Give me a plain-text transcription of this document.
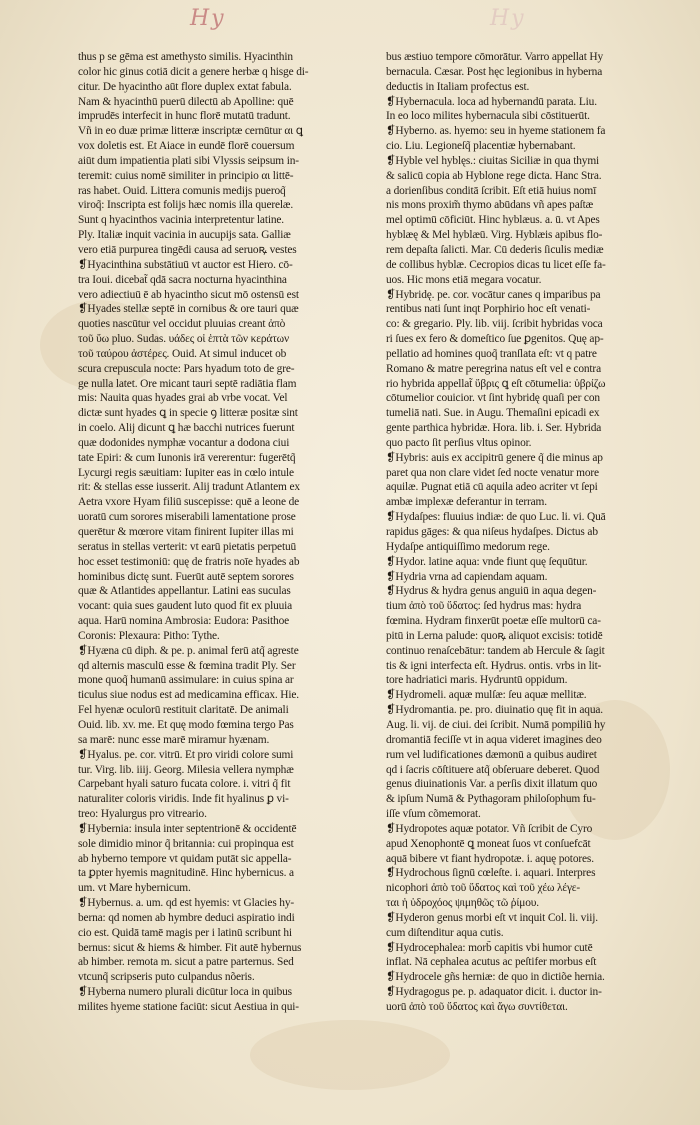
Hy	Hy
thus p se gēma est amethysto similis. Hyacinthin
color hic ginus cotiā dicit a genere herbæ q hisge di-
citur. De hyacintho aūt flore duplex extat fabula.
Nam & hyacinthū puerū dilectū ab Apolline: quē
imprudēs interfecit in hunc florē mutatū tradunt.
Vñ in eo duæ primæ litteræ inscriptæ cernūtur αι ꝗ
vox doletis est. Et Aiace in eundē florē couersum
aiūt dum impatientia plati sibi Vlyssis seipsum in-
teremit: cuius nomē similiter in principio αι littē-
ras habet. Ouid. Littera comunis medijs pueroq̃
viroq̃: Inscripta est folijs hæc nomis illa querelæ.
Sunt q hyacinthos vacinia interpretentur latine.
Ply. Italiæ inquit vacinia in aucupijs sata. Galliæ
vero etiā purpurea tingēdi causa ad seruoꝶ vestes
❡Hyacinthina substātiuū vt auctor est Hiero. cō-
tra Ioui. dicebat̃ qdā sacra nocturna hyacinthina
vero adiectiuū ē ab hyacintho sicut mō ostensū est
❡Hyades stellæ septē in cornibus & ore tauri quæ
quoties nascūtur vel occidut pluuias creant ἀπὸ
τοῦ ὕω pluo. Sudas. υάδες οἱ ἑπτὰ τῶν κεράτων
τοῦ ταύρου ἀστέρες. Ouid. At simul inducet ob
scura crepuscula nocte: Pars hyadum toto de gre-
ge nulla latet. Ore micant tauri septē radiātia flam
mis: Nauita quas hyades grai ab vrbe vocat. Vel
dictæ sunt hyades ꝗ in specie ꝯ litteræ positæ sint
in coelo. Alij dicunt ꝗ hæ bacchi nutrices fuerunt
quæ dodonides nymphæ vocantur a dodona ciui
tate Epiri: & cum Iunonis irā vererentur: fugerētq̃
Lycurgi regis sæuitiam: Iupiter eas in cœlo intule
rit: & stellas esse iusserit. Alij tradunt Atlantem ex
Aetra vxore Hyam filiū suscepisse: quē a leone de
uoratū cum sorores miserabili lamentatione prose
querētur & mœrore vitam finirent Iupiter illas mi
seratus in stellas verterit: vt earū pietatis perpetuū
hoc esset testimoniū: quę de fratris noīe hyades ab
hominibus dictę sunt. Fuerūt autē septem sorores
quæ & Atlantides appellantur. Latini eas suculas
vocant: quia sues gaudent luto quod fit ex pluuia
aqua. Harū nomina Ambrosia: Eudora: Pasithoe
Coronis: Plexaura: Pitho: Tythe.
❡Hyæna cū diph. & pe. p. animal ferū atq̃ agreste
qd alternis masculū esse & fœmina tradit Ply. Ser
mone quoq̃ humanū assimulare: in cuius spina ar
ticulus siue nodus est ad medicamina efficax. Hie.
Fel hyenæ oculorū restituit claritatē. De animali
Ouid. lib. xv. me. Et quę modo fœmina tergo Pas
sa marē: nunc esse marē miramur hyænam.
❡Hyalus. pe. cor. vitrū. Et pro viridi colore sumi
tur. Virg. lib. iiij. Georg. Milesia vellera nymphæ
Carpebant hyali saturo fucata colore. i. vitri q̃ fit
naturaliter coloris viridis. Inde fit hyalinus ꝑ vi-
treo: Hyalurgus pro vitreario.
❡Hybernia: insula inter septentrionē & occidentē
sole dimidio minor q̃ britannia: cui propinqua est
ab hyberno tempore vt quidam putāt sic appella-
ta ꝑpter hyemis magnitudinē. Hinc hybernicus. a
um. vt Mare hybernicum.
❡Hybernus. a. um. qd est hyemis: vt Glacies hy-
berna: qd nomen ab hymbre deduci aspiratio indi
cio est. Quidā tamē magis per i latinū scribunt hi
bernus: sicut & hiems & himber. Fit autē hybernus
ab himber. remota m. sicut a patre parternus. Sed
vtcunq̃ scripseris puto culpandus nõeris.
❡Hyberna numero plurali dicūtur loca in quibus
milites hyeme statione faciūt: sicut Aestiua in qui-
bus æstiuo tempore cōmorātur. Varro appellat Hy
bernacula. Cæsar. Post hęc legionibus in hyberna
deductis in Italiam profectus est.
❡Hybernacula. loca ad hybernandū parata. Liu.
In eo loco milites hybernacula sibi cōstituerūt.
❡Hyberno. as. hyemo: seu in hyeme stationem fa
cio. Liu. Legioneſq̃ placentiæ hybernabant.
❡Hyble vel hyblęs.: ciuitas Siciliæ in qua thymi
& salicū copia ab Hyblone rege dicta. Hanc Stra.
a dorienſibus conditā ſcribit. Eſt etiā huius nomī
nis mons proxim̃ thymo abūdans vñ apes paſtæ
mel optimū cōficiūt. Hinc hyblæus. a. ū. vt Apes
hyblæę & Mel hyblæū. Virg. Hyblæis apibus flo-
rem depaſta ſalicti. Mar. Cū dederis ſiculis mediæ
de collibus hyblæ. Cecropios dicas tu licet eſſe fa-
uos. Hic mons etiā megara vocatur.
❡Hybridę. pe. cor. vocātur canes q imparibus pa
rentibus nati ſunt inqt Porphirio hoc eſt venati-
co: & gregario. Ply. lib. viij. ſcribit hybridas voca
ri ſues ex fero & domeſtico ſue ꝑgenitos. Quę ap-
pellatio ad homines quoq̃ tranſlata eſt: vt q patre
Romano & matre peregrina natus eſt vel e contra
rio hybrida appellat̃ ὕβρις ꝗ eſt cōtumelia: ὑβρίζω
cōtumelior couicior. vt ſint hybridę quaſi per con
tumeliā nati. Sue. in Augu. Themaſini epicadi ex
gente parthica hybridæ. Hora. lib. i. Ser. Hybrida
quo pacto ſit perſius vltus opinor.
❡Hybris: auis ex accipitrū genere q̃ die minus ap
paret qua non clare videt ſed nocte venatur more
aquilæ. Pugnat etiā cū aquila adeo acriter vt ſepi
ambæ implexæ deferantur in terram.
❡Hydaſpes: fluuius indiæ: de quo Luc. li. vi. Quā
rapidus gāges: & qua niſeus hydaſpes. Dictus ab
Hydaſpe antiquiſſimo medorum rege.
❡Hydor. latine aqua: vnde fiunt quę ſequūtur.
❡Hydria vrna ad capiendam aquam.
❡Hydrus & hydra genus anguiū in aqua degen-
tium ἀπὸ τοῦ ὕδατος: ſed hydrus mas: hydra
fœmina. Hydram finxerūt poetæ eſſe multorū ca-
pitū in Lerna palude: quoꝶ aliquot excisis: totidē
continuo renaſcebātur: tandem ab Hercule & ſagit
tis & igni interfecta eſt. Hydrus. ontis. vrbs in lit-
tore hadriatici maris. Hydruntū oppidum.
❡Hydromeli. aquæ mulſæ: ſeu aquæ mellitæ.
❡Hydromantia. pe. pro. diuinatio quę fit in aqua.
Aug. li. vij. de ciui. dei ſcribit. Numā pompiliū hy
dromantiā feciſſe vt in aqua videret imagines deo
rum vel ludificationes dæmonū a quibus audiret
qd i ſacris cōſtituere atq̃ obſeruare deberet. Quod
genus diuinationis Var. a perſis dixit illatum quo
& ipſum Numā & Pythagoram philoſophum fu-
iſſe vſum cõmemorat.
❡Hydropotes aquæ potator. Vñ ſcribit de Cyro
apud Xenophontē ꝗ moneat ſuos vt conſuefcāt
aquā bibere vt fiant hydropotæ. i. aquę potores.
❡Hydrochous ſignū cœleſte. i. aquari. Interpres
nicophori ἀπὸ τοῦ ὕδατος καὶ τοῦ χέω λέγε-
ται ἡ ὑδροχόος ψιμηθῶς τῶ ῥίμου.
❡Hyderon genus morbi eſt vt inquit Col. li. viij.
cum diſtenditur aqua cutis.
❡Hydrocephalea: morb̃ capitis vbi humor cutē
inflat. Nā cephalea acutus ac peſtifer morbus eſt
❡Hydrocele gñs herniæ: de quo in dictiõe hernia.
❡Hydragogus pe. p. adaquator dicit. i. ductor in-
uorū ἀπὸ τοῦ ὕδατος καὶ ἄγω συντίθεται.
